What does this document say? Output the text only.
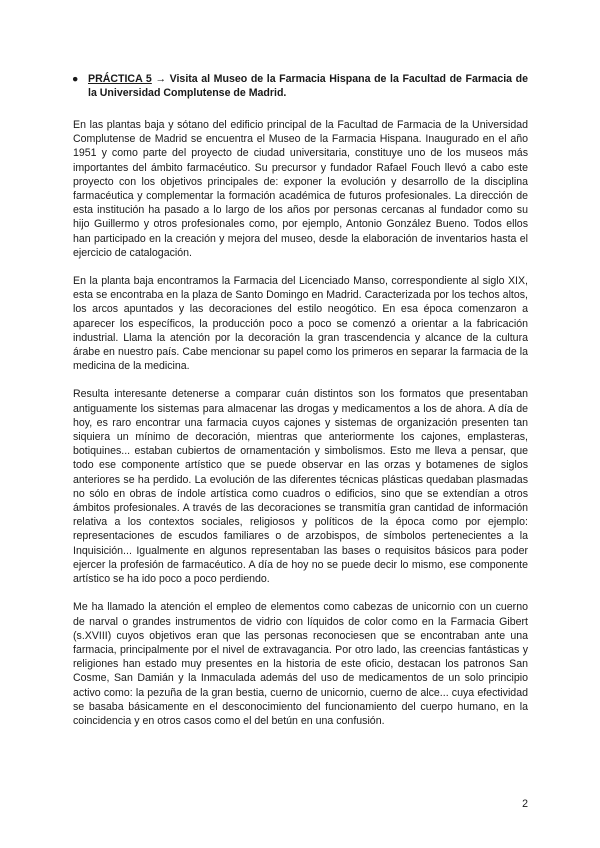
● PRÁCTICA 5 → Visita al Museo de la Farmacia Hispana de la Facultad de Farmacia de la Universidad Complutense de Madrid.

En las plantas baja y sótano del edificio principal de la Facultad de Farmacia de la Universidad Complutense de Madrid se encuentra el Museo de la Farmacia Hispana. Inaugurado en el año 1951 y como parte del proyecto de ciudad universitaria, constituye uno de los museos más importantes del ámbito farmacéutico. Su precursor y fundador Rafael Fouch llevó a cabo este proyecto con los objetivos principales de: exponer la evolución y desarrollo de la disciplina farmacéutica y complementar la formación académica de futuros profesionales. La dirección de esta institución ha pasado a lo largo de los años por personas cercanas al fundador como su hijo Guillermo y otros profesionales como, por ejemplo, Antonio González Bueno. Todos ellos han participado en la creación y mejora del museo, desde la elaboración de inventarios hasta el ejercicio de catalogación.

En la planta baja encontramos la Farmacia del Licenciado Manso, correspondiente al siglo XIX, esta se encontraba en la plaza de Santo Domingo en Madrid. Caracterizada por los techos altos, los arcos apuntados y las decoraciones del estilo neogótico. En esa época comenzaron a aparecer los específicos, la producción poco a poco se comenzó a orientar a la fabricación industrial. Llama la atención por la decoración la gran trascendencia y alcance de la cultura árabe en nuestro país. Cabe mencionar su papel como los primeros en separar la farmacia de la medicina de la medicina.

Resulta interesante detenerse a comparar cuán distintos son los formatos que presentaban antiguamente los sistemas para almacenar las drogas y medicamentos a los de ahora. A día de hoy, es raro encontrar una farmacia cuyos cajones y sistemas de organización presenten tan siquiera un mínimo de decoración, mientras que anteriormente los cajones, emplasteras, botiquines... estaban cubiertos de ornamentación y simbolismos. Esto me lleva a pensar, que todo ese componente artístico que se puede observar en las orzas y botamenes de siglos anteriores se ha perdido. La evolución de las diferentes técnicas plásticas quedaban plasmadas no sólo en obras de índole artística como cuadros o edificios, sino que se extendían a otros ámbitos profesionales. A través de las decoraciones se transmitía gran cantidad de información relativa a los contextos sociales, religiosos y políticos de la época como por ejemplo: representaciones de escudos familiares o de arzobispos, de símbolos pertenecientes a la Inquisición... Igualmente en algunos representaban las bases o requisitos básicos para poder ejercer la profesión de farmacéutico. A día de hoy no se puede decir lo mismo, ese componente artístico se ha ido poco a poco perdiendo.

Me ha llamado la atención el empleo de elementos como cabezas de unicornio con un cuerno de narval o grandes instrumentos de vidrio con líquidos de color como en la Farmacia Gibert (s.XVIII) cuyos objetivos eran que las personas reconociesen que se encontraban ante una farmacia, principalmente por el nivel de extravagancia. Por otro lado, las creencias fantásticas y religiones han estado muy presentes en la historia de este oficio, destacan los patronos San Cosme, San Damián y la Inmaculada además del uso de medicamentos de un solo principio activo como: la pezuña de la gran bestia, cuerno de unicornio, cuerno de alce... cuya efectividad se basaba básicamente en el desconocimiento del funcionamiento del cuerpo humano, en la coincidencia y en otros casos como el del betún en una confusión.

2
